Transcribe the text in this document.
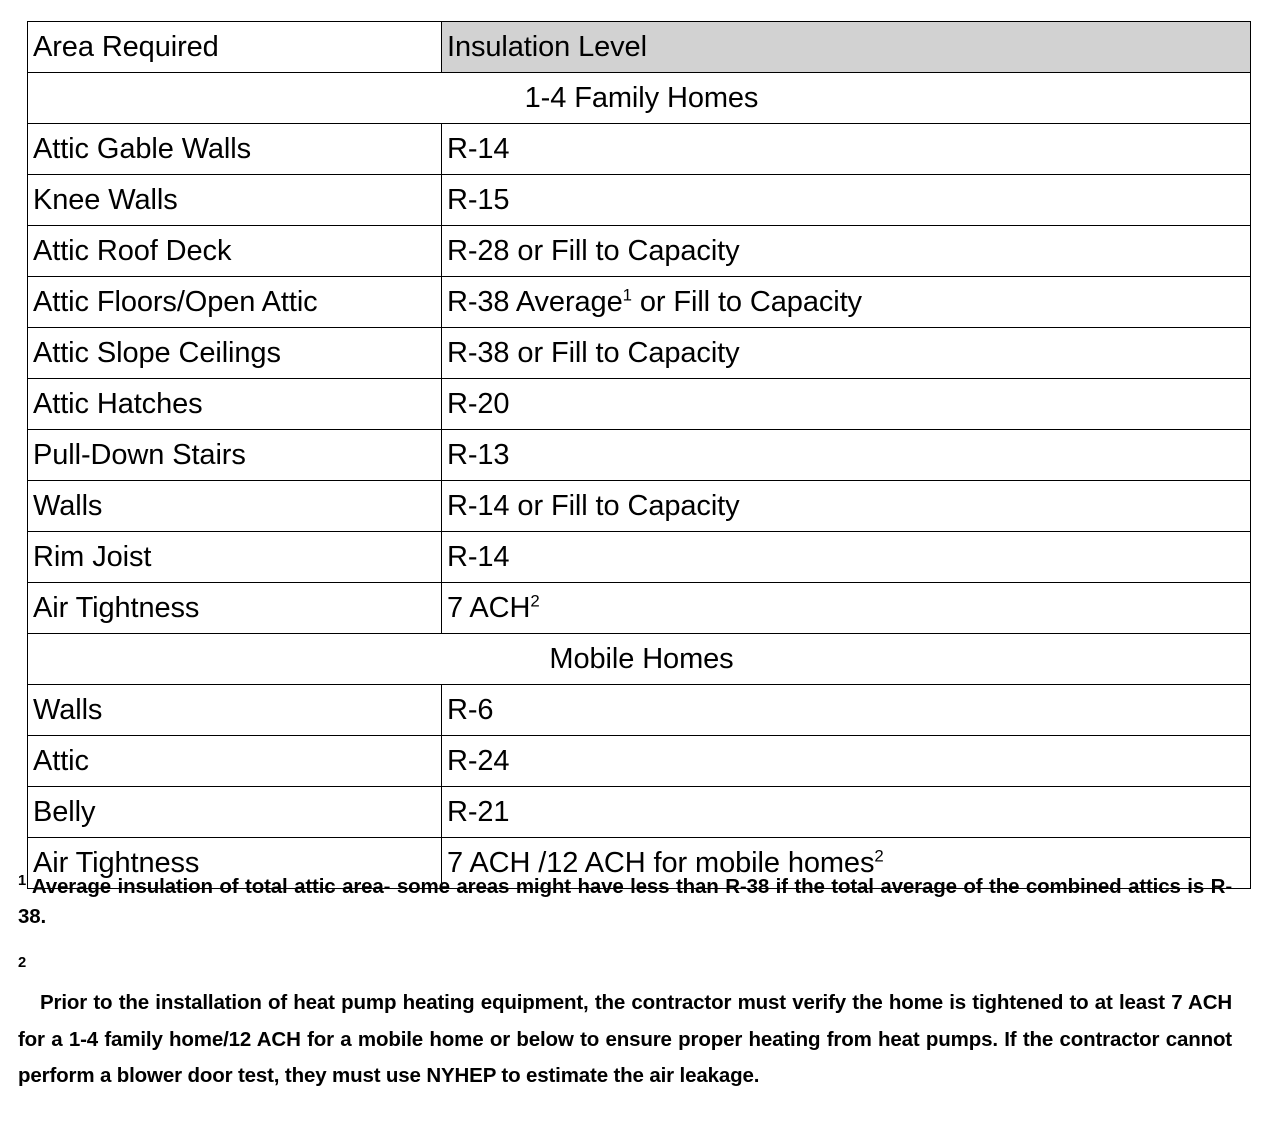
Area Required	Insulation Level
1-4 Family Homes	
Attic Gable Walls	R-14
Knee Walls	R-15
Attic Roof Deck	R-28 or Fill to Capacity
Attic Floors/Open Attic	R-38 Average$^1$ or Fill to Capacity
Attic Slope Ceilings	R-38 or Fill to Capacity
Attic Hatches	R-20
Pull-Down Stairs	R-13
Walls	R-14 or Fill to Capacity
Rim Joist	R-14
Air Tightness	7 ACH$^2$
Mobile Homes	
Walls	R-6
Attic	R-24
Belly	R-21
Air Tightness	7 ACH /12 ACH for mobile homes$^2$

$^1$ Average insulation of total attic area- some areas might have less than R-38 if the total average of the combined attics is R- 38.

$^2$
Prior to the installation of heat pump heating equipment, the contractor must verify the home is tightened to at least 7 ACH for a 1-4 family home/12 ACH for a mobile home or below to ensure proper heating from heat pumps. If the contractor cannot perform a blower door test, they must use NYHEP to estimate the air leakage.
